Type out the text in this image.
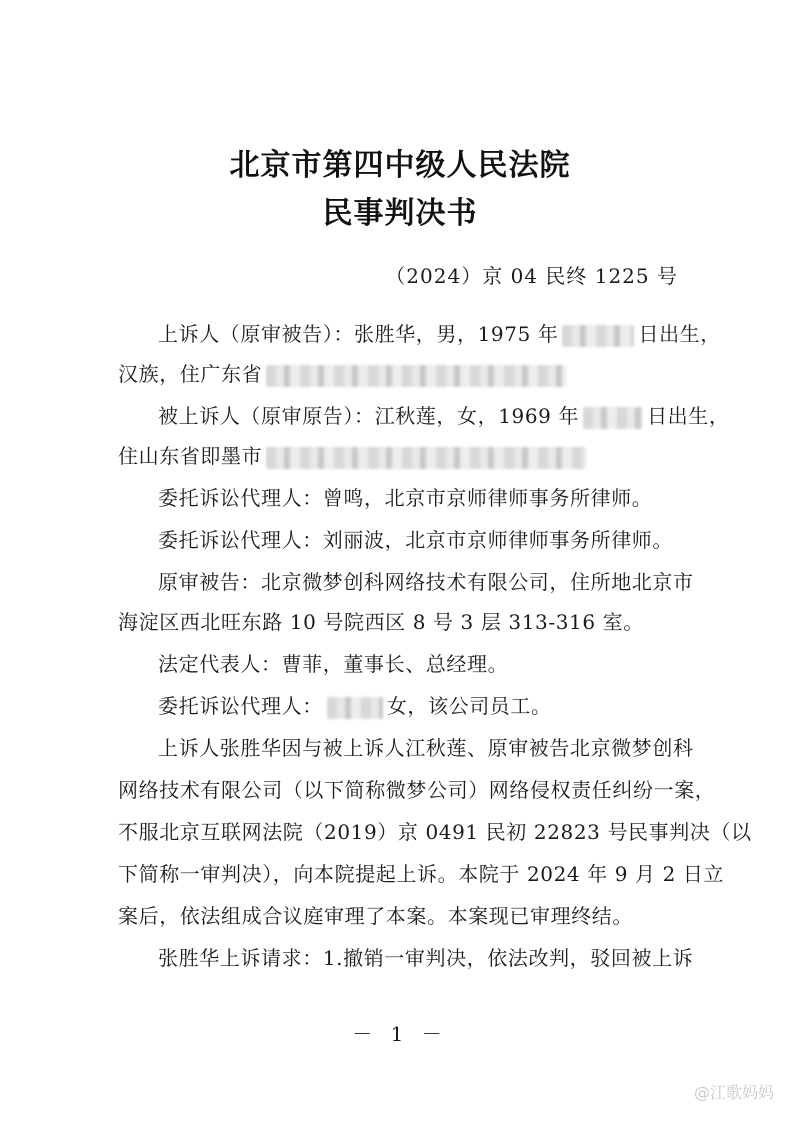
北京市第四中级人民法院
民事判决书
（2024）京 04 民终 1225 号
上诉人（原审被告）：张胜华，男，1975 年	日出生，
汉族，住广东省
被上诉人（原审原告）：江秋莲，女，1969 年	日出生，
住山东省即墨市
委托诉讼代理人：曾鸣，北京市京师律师事务所律师。
委托诉讼代理人：刘丽波，北京市京师律师事务所律师。
原审被告：北京微梦创科网络技术有限公司，住所地北京市
海淀区西北旺东路 10 号院西区 8 号 3 层 313-316 室。
法定代表人：曹菲，董事长、总经理。
委托诉讼代理人：	女，该公司员工。
上诉人张胜华因与被上诉人江秋莲、原审被告北京微梦创科
网络技术有限公司（以下简称微梦公司）网络侵权责任纠纷一案，
不服北京互联网法院（2019）京 0491 民初 22823 号民事判决（以
下简称一审判决），向本院提起上诉。本院于 2024 年 9 月 2 日立
案后，依法组成合议庭审理了本案。本案现已审理终结。
张胜华上诉请求：1.撤销一审判决，依法改判，驳回被上诉
－ 1 －
@江歌妈妈
